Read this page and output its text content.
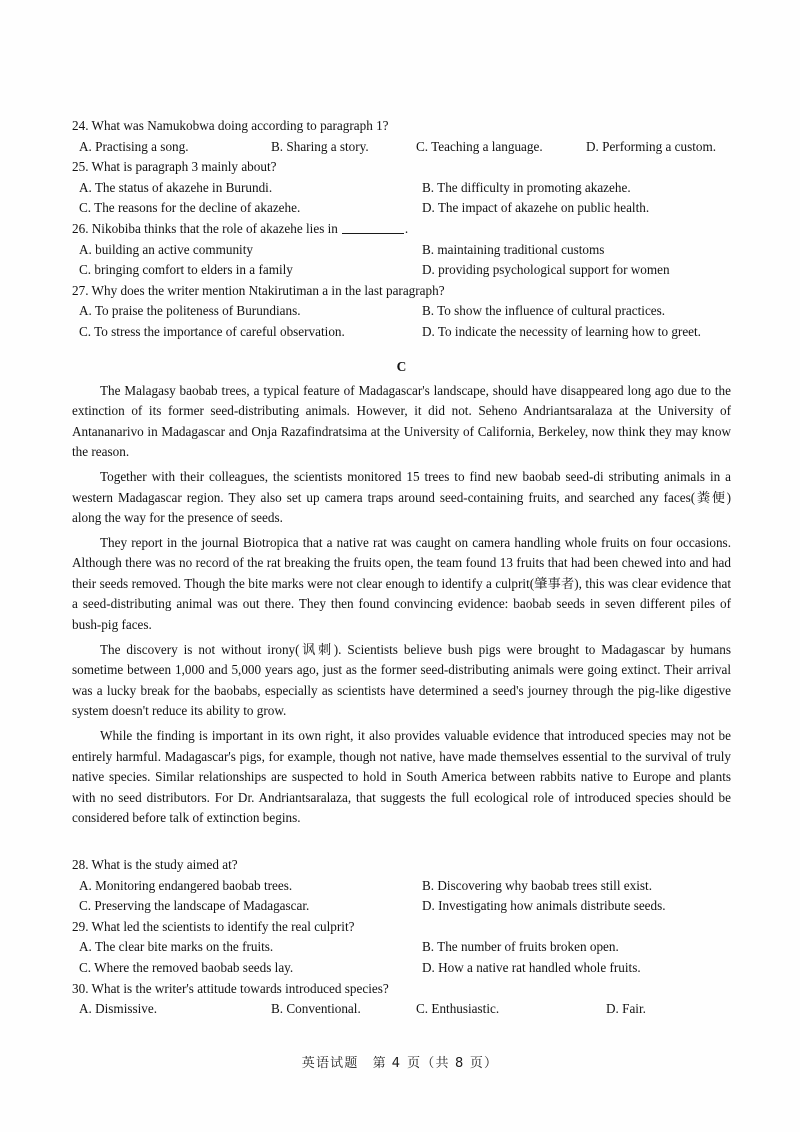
24. What was Namukobwa doing according to paragraph 1?

A. Practising a song.	B. Sharing a story.	C. Teaching a language.	D. Performing a custom.

25. What is paragraph 3 mainly about?

A. The status of akazehe in Burundi.	B. The difficulty in promoting akazehe.
C. The reasons for the decline of akazehe.	D. The impact of akazehe on public health.

26. Nikobiba thinks that the role of akazehe lies in	.

A. building an active community	B. maintaining traditional customs
C. bringing comfort to elders in a family	D. providing psychological support for women

27. Why does the writer mention Ntakirutiman a in the last paragraph?

A. To praise the politeness of Burundians.	B. To show the influence of cultural practices.
C. To stress the importance of careful observation.	D. To indicate the necessity of learning how to greet.

C

The Malagasy baobab trees, a typical feature of Madagascar's landscape, should have disappeared long ago due to the extinction of its former seed-distributing animals. However, it did not. Seheno Andriantsaralaza at the University of Antananarivo in Madagascar and Onja Razafindratsima at the University of California, Berkeley, now think they may know the reason.

Together with their colleagues, the scientists monitored 15 trees to find new baobab seed-di stributing animals in a western Madagascar region. They also set up camera traps around seed-containing fruits, and searched any faces(粪便) along the way for the presence of seeds.

They report in the journal Biotropica that a native rat was caught on camera handling whole fruits on four occasions. Although there was no record of the rat breaking the fruits open, the team found 13 fruits that had been chewed into and had their seeds removed. Though the bite marks were not clear enough to identify a culprit(肇事者), this was clear evidence that a seed-distributing animal was out there. They then found convincing evidence: baobab seeds in seven different piles of bush-pig faces.

The discovery is not without irony(讽刺). Scientists believe bush pigs were brought to Madagascar by humans sometime between 1,000 and 5,000 years ago, just as the former seed-distributing animals were going extinct. Their arrival was a lucky break for the baobabs, especially as scientists have determined a seed's journey through the pig-like digestive system doesn't reduce its ability to grow.

While the finding is important in its own right, it also provides valuable evidence that introduced species may not be entirely harmful. Madagascar's pigs, for example, though not native, have made themselves essential to the survival of truly native species. Similar relationships are suspected to hold in South America between rabbits native to Europe and plants with no seed distributors. For Dr. Andriantsaralaza, that suggests the full ecological role of introduced species should be considered before talk of extinction begins.

28. What is the study aimed at?

A. Monitoring endangered baobab trees.	B. Discovering why baobab trees still exist.
C. Preserving the landscape of Madagascar.	D. Investigating how animals distribute seeds.

29. What led the scientists to identify the real culprit?

A. The clear bite marks on the fruits.	B. The number of fruits broken open.
C. Where the removed baobab seeds lay.	D. How a native rat handled whole fruits.

30. What is the writer's attitude towards introduced species?

A. Dismissive.	B. Conventional.	C. Enthusiastic.	D. Fair.
英语试题 第 4 页（共 8 页）
